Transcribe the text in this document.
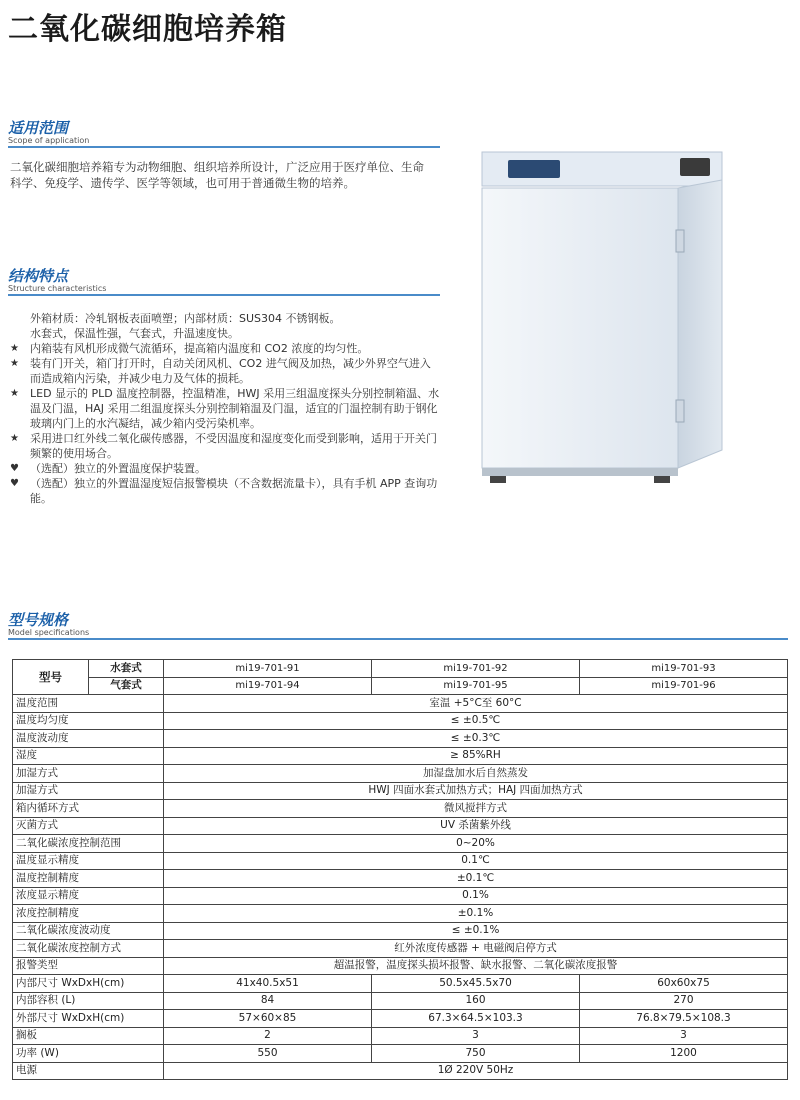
二氧化碳细胞培养箱
适用范围
Scope of application
二氧化碳细胞培养箱专为动物细胞、组织培养所设计，广泛应用于医疗单位、生命科学、免疫学、遗传学、医学等领域，也可用于普通微生物的培养。
结构特点
Structure characteristics
外箱材质：冷轧钢板表面喷塑；内部材质：SUS304 不锈钢板。
水套式，保温性强，气套式，升温速度快。
★	内箱装有风机形成微气流循环，提高箱内温度和 CO2 浓度的均匀性。
★	装有门开关，箱门打开时，自动关闭风机、CO2 进气阀及加热，减少外界空气进入而造成箱内污染，并减少电力及气体的损耗。
★	LED 显示的 PLD 温度控制器，控温精准，HWJ 采用三组温度探头分别控制箱温、水温及门温，HAJ 采用二组温度探头分别控制箱温及门温，适宜的门温控制有助于钢化玻璃内门上的水汽凝结，减少箱内受污染机率。
★	采用进口红外线二氧化碳传感器，不受因温度和湿度变化而受到影响，适用于开关门频繁的使用场合。
♥	（选配）独立的外置温度保护装置。
♥	（选配）独立的外置温湿度短信报警模块（不含数据流量卡），具有手机 APP 查询功能。
型号规格
Model specifications
型号	水套式	mi19-701-91	mi19-701-92	mi19-701-93
	气套式	mi19-701-94	mi19-701-95	mi19-701-96
温度范围		室温 +5°C至 60°C		
温度均匀度		≤ ±0.5℃		
温度波动度		≤ ±0.3℃		
湿度		≥ 85%RH		
加湿方式		加湿盘加水后自然蒸发		
加湿方式		HWJ 四面水套式加热方式；HAJ 四面加热方式		
箱内循环方式		微风搅拌方式		
灭菌方式		UV 杀菌紫外线		
二氧化碳浓度控制范围		0~20%		
温度显示精度		0.1℃		
温度控制精度		±0.1℃		
浓度显示精度		0.1%		
浓度控制精度		±0.1%		
二氧化碳浓度波动度		≤ ±0.1%		
二氧化碳浓度控制方式		红外浓度传感器 + 电磁阀启停方式		
报警类型		超温报警，温度探头损坏报警、缺水报警、二氧化碳浓度报警		
内部尺寸 WxDxH(cm)		41x40.5x51	50.5x45.5x70	60x60x75
内部容积 (L)		84	160	270
外部尺寸 WxDxH(cm)		57×60×85	67.3×64.5×103.3	76.8×79.5×108.3
搁板		2	3	3
功率 (W)		550	750	1200
电源		1Ø 220V 50Hz		
